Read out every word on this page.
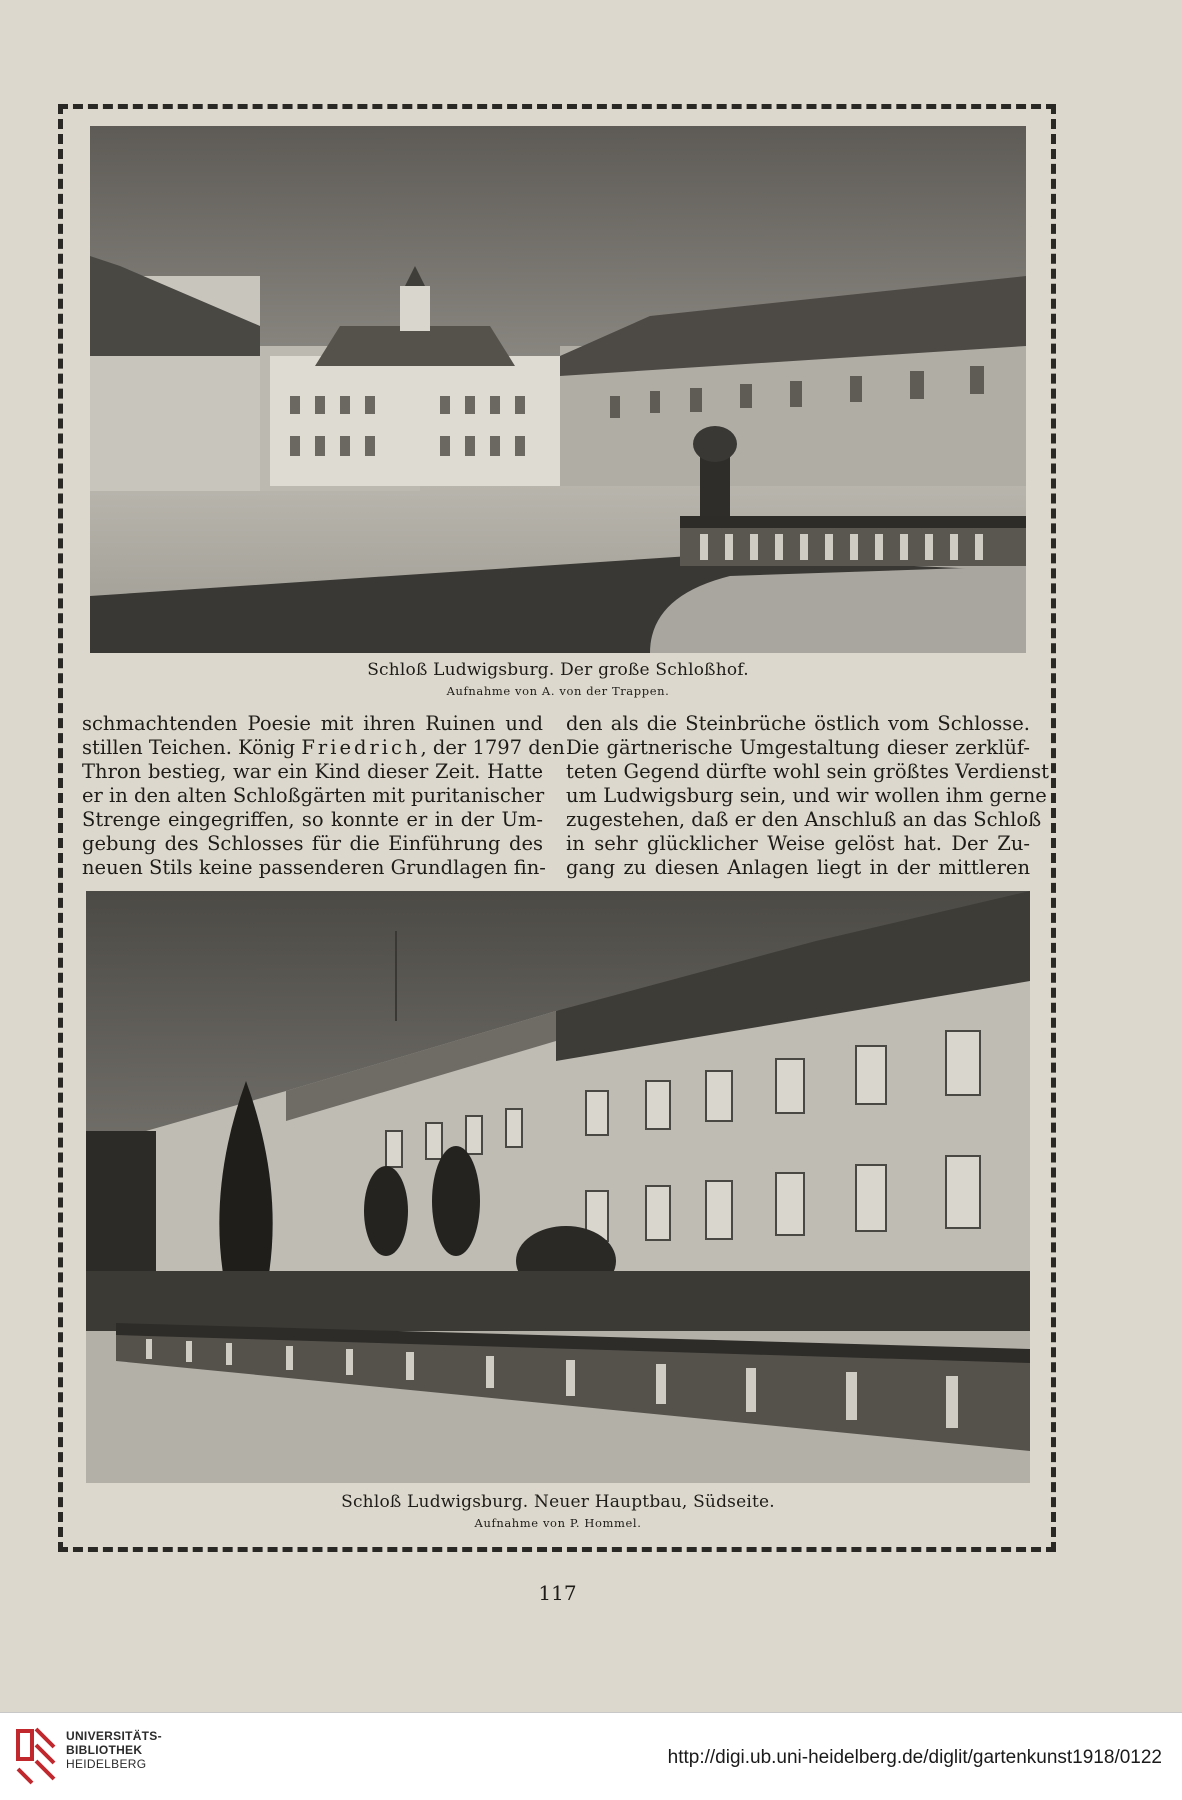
Schloß Ludwigsburg. Der große Schloßhof.
Aufnahme von A. von der Trappen.
schmachtenden Poesie mit ihren Ruinen und
stillen Teichen. König Friedrich, der 1797 den
Thron bestieg, war ein Kind dieser Zeit. Hatte
er in den alten Schloßgärten mit puritanischer
Strenge eingegriffen, so konnte er in der Um-
gebung des Schlosses für die Einführung des
neuen Stils keine passenderen Grundlagen fin-
den als die Steinbrüche östlich vom Schlosse.
Die gärtnerische Umgestaltung dieser zerklüf-
teten Gegend dürfte wohl sein größtes Verdienst
um Ludwigsburg sein, und wir wollen ihm gerne
zugestehen, daß er den Anschluß an das Schloß
in sehr glücklicher Weise gelöst hat. Der Zu-
gang zu diesen Anlagen liegt in der mittleren
Schloß Ludwigsburg. Neuer Hauptbau, Südseite.
Aufnahme von P. Hommel.
117
UNIVERSITÄTS-
BIBLIOTHEK
HEIDELBERG	http://digi.ub.uni-heidelberg.de/diglit/gartenkunst1918/0122
